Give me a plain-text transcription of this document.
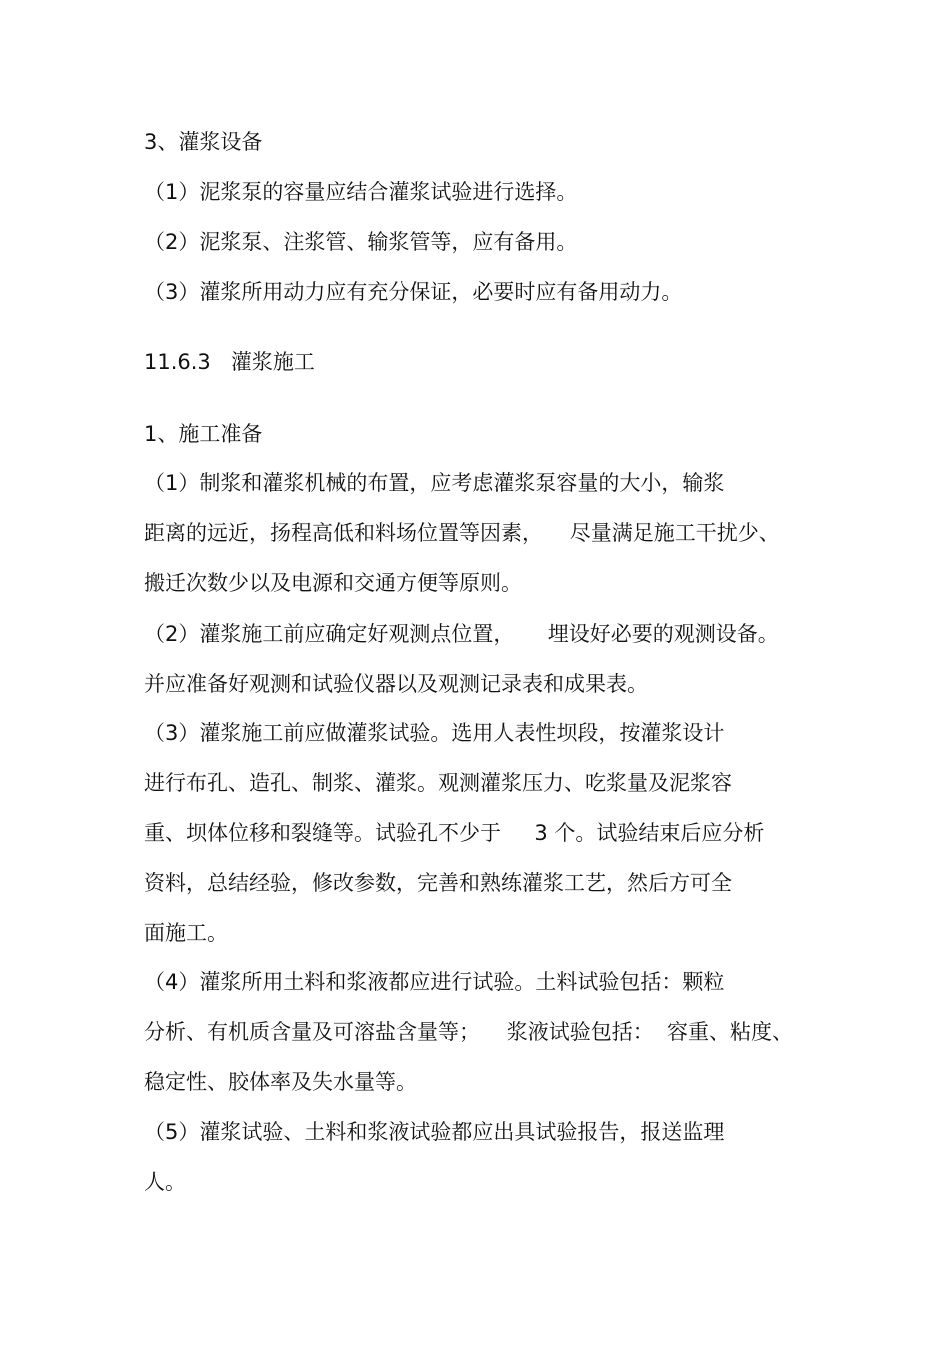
3、灌浆设备

（1）泥浆泵的容量应结合灌浆试验进行选择。

（2）泥浆泵、注浆管、输浆管等，应有备用。

（3）灌浆所用动力应有充分保证，必要时应有备用动力。

11.6.3   灌浆施工

1、施工准备

（1）制浆和灌浆机械的布置，应考虑灌浆泵容量的大小，输浆

距离的远近，扬程高低和料场位置等因素，    尽量满足施工干扰少、

搬迁次数少以及电源和交通方便等原则。

（2）灌浆施工前应确定好观测点位置，     埋设好必要的观测设备。

并应准备好观测和试验仪器以及观测记录表和成果表。

（3）灌浆施工前应做灌浆试验。选用人表性坝段，按灌浆设计

进行布孔、造孔、制浆、灌浆。观测灌浆压力、吃浆量及泥浆容

重、坝体位移和裂缝等。试验孔不少于     3 个。试验结束后应分析

资料，总结经验，修改参数，完善和熟练灌浆工艺，然后方可全

面施工。

（4）灌浆所用土料和浆液都应进行试验。土料试验包括：颗粒

分析、有机质含量及可溶盐含量等；    浆液试验包括：  容重、粘度、

稳定性、胶体率及失水量等。

（5）灌浆试验、土料和浆液试验都应出具试验报告，报送监理

人。
